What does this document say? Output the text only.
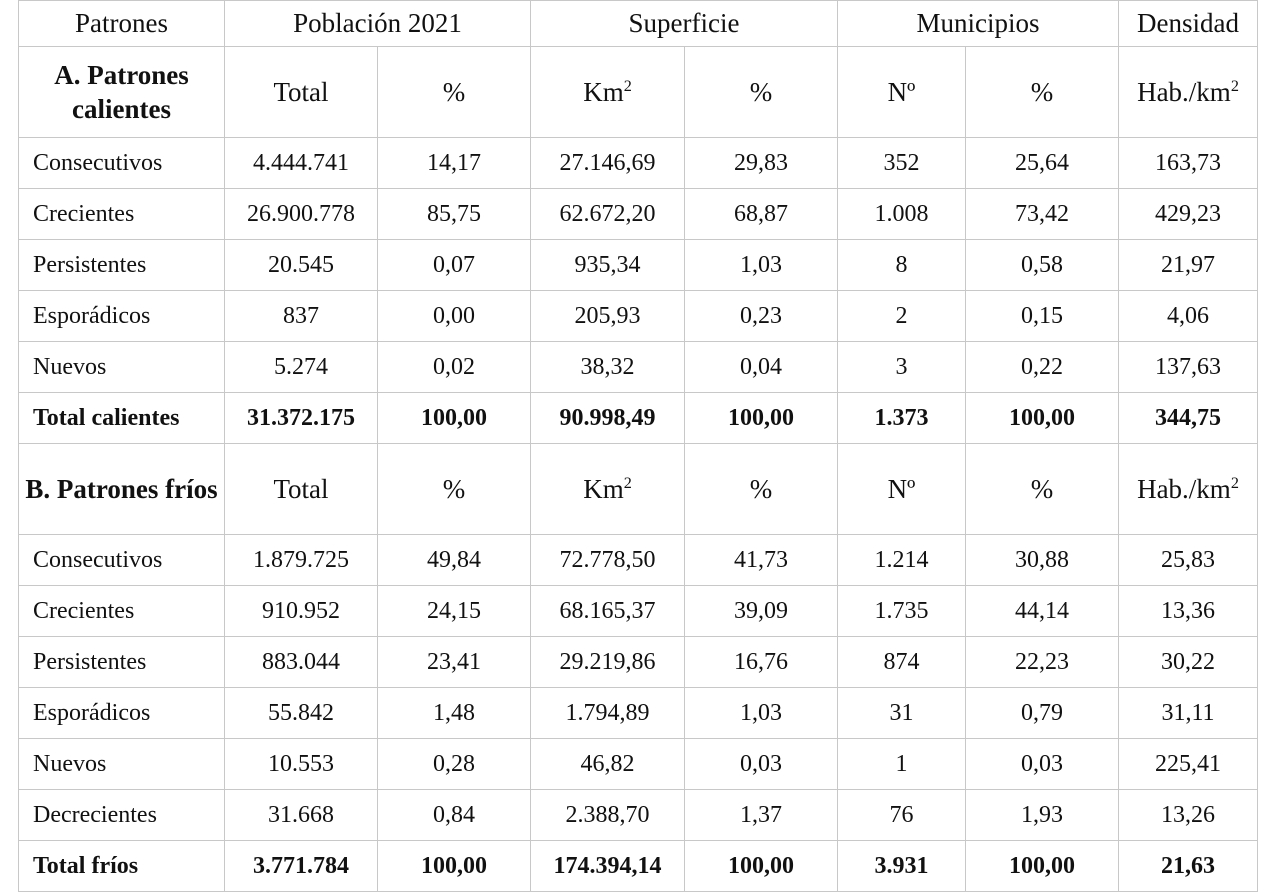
Patrones	Población 2021		Superficie		Municipios		Densidad
A. Patrones calientes	Total	%	Km$^2$	%	Nº	%	$Hab./km^2$
Consecutivos	4.444.741	14,17	27.146,69	29,83	352	25,64	163,73
Crecientes	26.900.778	85,75	62.672,20	68,87	1.008	73,42	429,23
Persistentes	20.545	0,07	935,34	1,03	8	0,58	21,97
Esporádicos	837	0,00	205,93	0,23	2	0,15	4,06
Nuevos	5.274	0,02	38,32	0,04	3	0,22	137,63
Total calientes	31.372.175	100,00	90.998,49	100,00	1.373	100,00	344,75
B. Patrones fríos	Total	%	Km$^2$	%	Nº	%	$Hab./km^2$
Consecutivos	1.879.725	49,84	72.778,50	41,73	1.214	30,88	25,83
Crecientes	910.952	24,15	68.165,37	39,09	1.735	44,14	13,36
Persistentes	883.044	23,41	29.219,86	16,76	874	22,23	30,22
Esporádicos	55.842	1,48	1.794,89	1,03	31	0,79	31,11
Nuevos	10.553	0,28	46,82	0,03	1	0,03	225,41
Decrecientes	31.668	0,84	2.388,70	1,37	76	1,93	13,26
Total fríos	3.771.784	100,00	174.394,14	100,00	3.931	100,00	21,63
